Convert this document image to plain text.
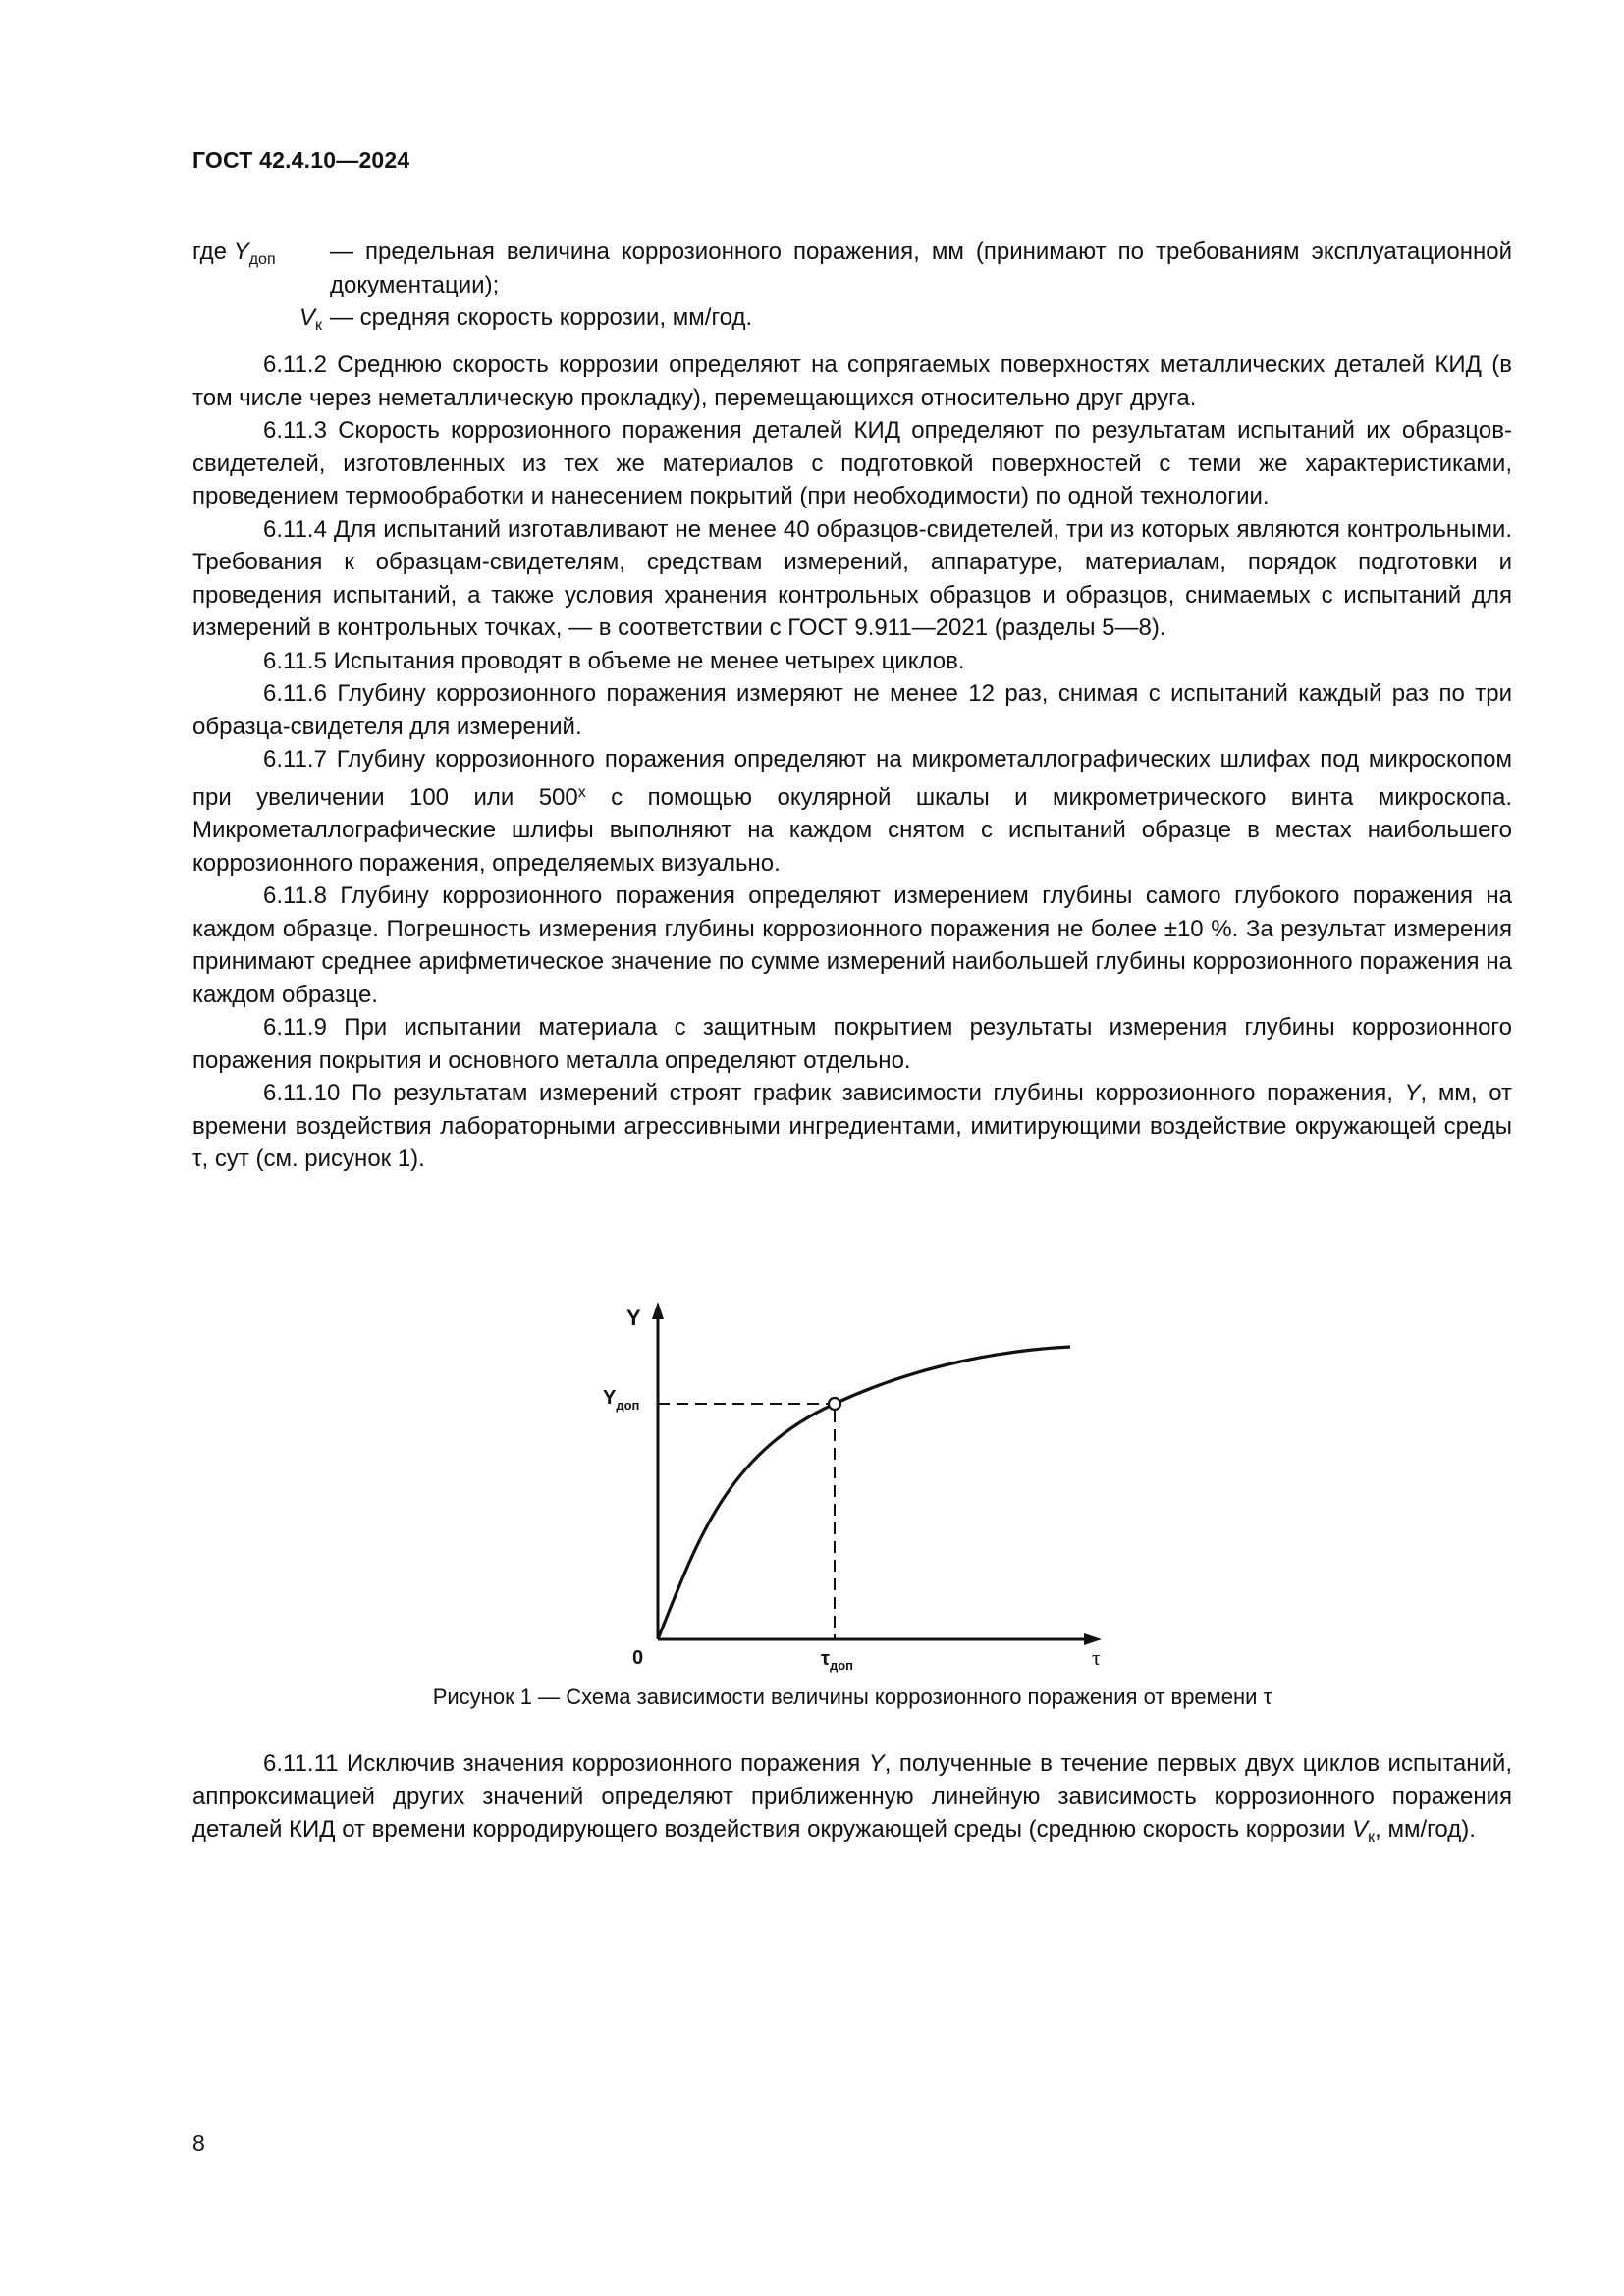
ГОСТ 42.4.10—2024
где $Y_{доп}$	— предельная величина коррозионного поражения, мм (принимают по требованиям эксплуатационной документации);
$V_к$ — средняя скорость коррозии, мм/год.

6.11.2 Среднюю скорость коррозии определяют на сопрягаемых поверхностях металлических деталей КИД (в том числе через неметаллическую прокладку), перемещающихся относительно друг друга.

6.11.3 Скорость коррозионного поражения деталей КИД определяют по результатам испытаний их образцов-свидетелей, изготовленных из тех же материалов с подготовкой поверхностей с теми же характеристиками, проведением термообработки и нанесением покрытий (при необходимости) по одной технологии.

6.11.4 Для испытаний изготавливают не менее 40 образцов-свидетелей, три из которых являются контрольными. Требования к образцам-свидетелям, средствам измерений, аппаратуре, материалам, порядок подготовки и проведения испытаний, а также условия хранения контрольных образцов и образцов, снимаемых с испытаний для измерений в контрольных точках, — в соответствии с ГОСТ 9.911—2021 (разделы 5—8).

6.11.5 Испытания проводят в объеме не менее четырех циклов.

6.11.6 Глубину коррозионного поражения измеряют не менее 12 раз, снимая с испытаний каждый раз по три образца-свидетеля для измерений.

6.11.7 Глубину коррозионного поражения определяют на микрометаллографических шлифах под микроскопом при увеличении 100 или $500^х$ с помощью окулярной шкалы и микрометрического винта микроскопа. Микрометаллографические шлифы выполняют на каждом снятом с испытаний образце в местах наибольшего коррозионного поражения, определяемых визуально.

6.11.8 Глубину коррозионного поражения определяют измерением глубины самого глубокого поражения на каждом образце. Погрешность измерения глубины коррозионного поражения не более ±10 %. За результат измерения принимают среднее арифметическое значение по сумме измерений наибольшей глубины коррозионного поражения на каждом образце.

6.11.9 При испытании материала с защитным покрытием результаты измерения глубины коррозионного поражения покрытия и основного металла определяют отдельно.

6.11.10 По результатам измерений строят график зависимости глубины коррозионного поражения, Y, мм, от времени воздействия лабораторными агрессивными ингредиентами, имитирующими воздействие окружающей среды τ, сут (см. рисунок 1).

Y
$Y_{доп}$
0	$\tau_{доп}$	τ
Рисунок 1 — Схема зависимости величины коррозионного поражения от времени τ

6.11.11 Исключив значения коррозионного поражения Y, полученные в течение первых двух циклов испытаний, аппроксимацией других значений определяют приближенную линейную зависимость коррозионного поражения деталей КИД от времени корродирующего воздействия окружающей среды (среднюю скорость коррозии $V_к$, мм/год).

8
